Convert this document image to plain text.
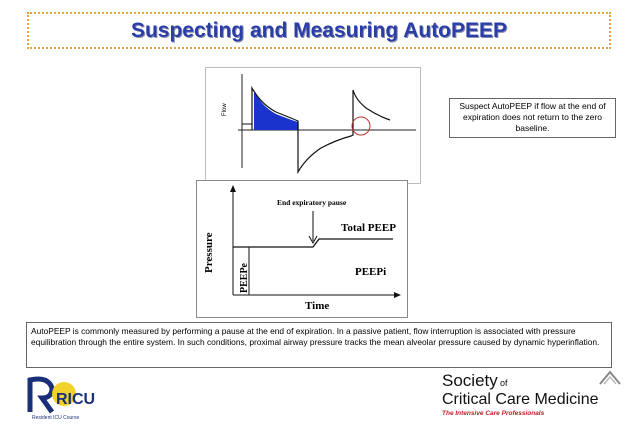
Suspecting and Measuring AutoPEEP
Flow	Suspect AutoPEEP if flow at the end of expiration does not return to the zero baseline.
Pressure
Time
PEEPe
End expiratory pause
Total PEEP
PEEPi
AutoPEEP is commonly measured by performing a pause at the end of expiration. In a passive patient, flow interruption is associated with pressure equilibration through the entire system. In such conditions, proximal airway pressure tracks the mean alveolar pressure caused by dynamic hyperinflation.
RICU
Resident ICU Course
Society of
Critical Care Medicine
The Intensive Care Professionals
